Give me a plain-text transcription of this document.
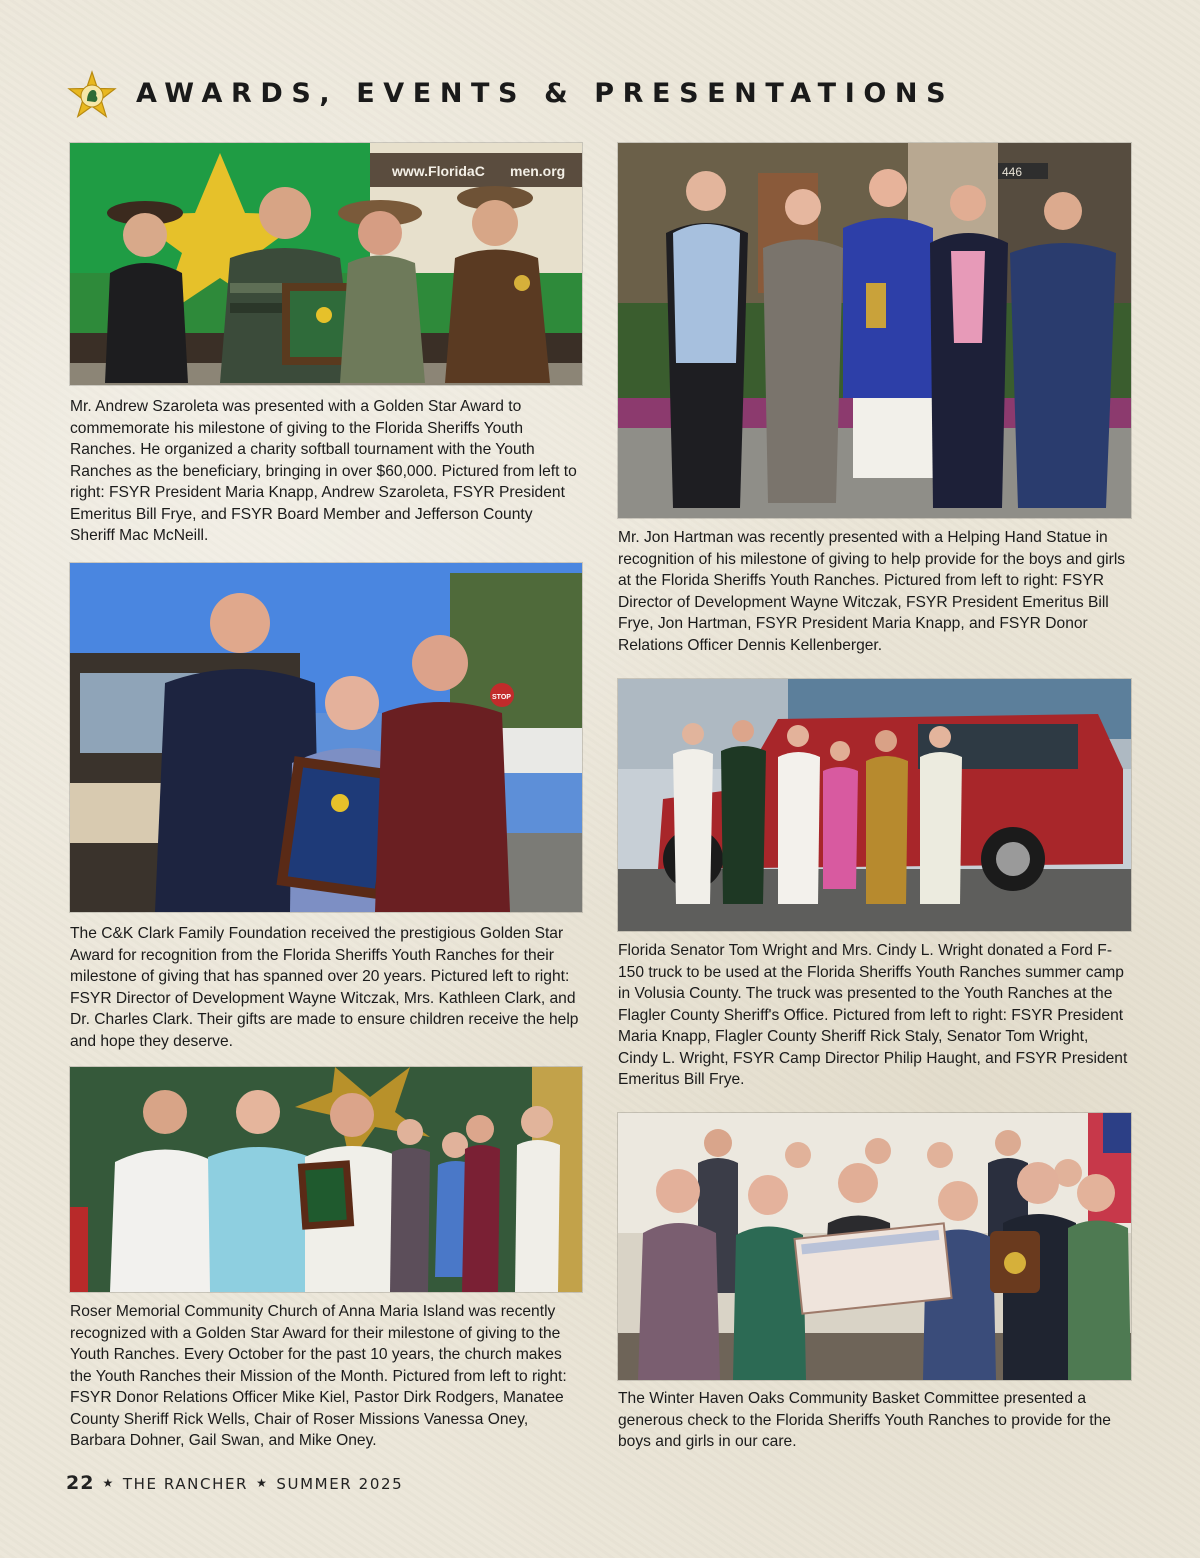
AWARDS, EVENTS & PRESENTATIONS
www.FloridaC men.org
Mr. Andrew Szaroleta was presented with a Golden Star Award to commemorate his milestone of giving to the Florida Sheriffs Youth Ranches. He organized a charity softball tournament with the Youth Ranches as the beneficiary, bringing in over $60,000. Pictured from left to right: FSYR President Maria Knapp, Andrew Szaroleta, FSYR President Emeritus Bill Frye, and FSYR Board Member and Jefferson County Sheriff Mac McNeill.
446
Mr. Jon Hartman was recently presented with a Helping Hand Statue in recognition of his milestone of giving to help provide for the boys and girls at the Florida Sheriffs Youth Ranches. Pictured from left to right: FSYR Director of Development Wayne Witczak, FSYR President Emeritus Bill Frye, Jon Hartman, FSYR President Maria Knapp, and FSYR Donor Relations Officer Dennis Kellenberger.
STOP
The C&K Clark Family Foundation received the prestigious Golden Star Award for recognition from the Florida Sheriffs Youth Ranches for their milestone of giving that has spanned over 20 years. Pictured left to right: FSYR Director of Development Wayne Witczak, Mrs. Kathleen Clark, and Dr. Charles Clark. Their gifts are made to ensure children receive the help and hope they deserve.
Florida Senator Tom Wright and Mrs. Cindy L. Wright donated a Ford F-150 truck to be used at the Florida Sheriffs Youth Ranches summer camp in Volusia County. The truck was presented to the Youth Ranches at the Flagler County Sheriff's Office. Pictured from left to right: FSYR President Maria Knapp, Flagler County Sheriff Rick Staly, Senator Tom Wright, Cindy L. Wright, FSYR Camp Director Philip Haught, and FSYR President Emeritus Bill Frye.
Roser Memorial Community Church of Anna Maria Island was recently recognized with a Golden Star Award for their milestone of giving to the Youth Ranches. Every October for the past 10 years, the church makes the Youth Ranches their Mission of the Month. Pictured from left to right: FSYR Donor Relations Officer Mike Kiel, Pastor Dirk Rodgers, Manatee County Sheriff Rick Wells, Chair of Roser Missions Vanessa Oney, Barbara Dohner, Gail Swan, and Mike Oney.
The Winter Haven Oaks Community Basket Committee presented a generous check to the Florida Sheriffs Youth Ranches to provide for the boys and girls in our care.
22 ★ THE RANCHER ★ SUMMER 2025
